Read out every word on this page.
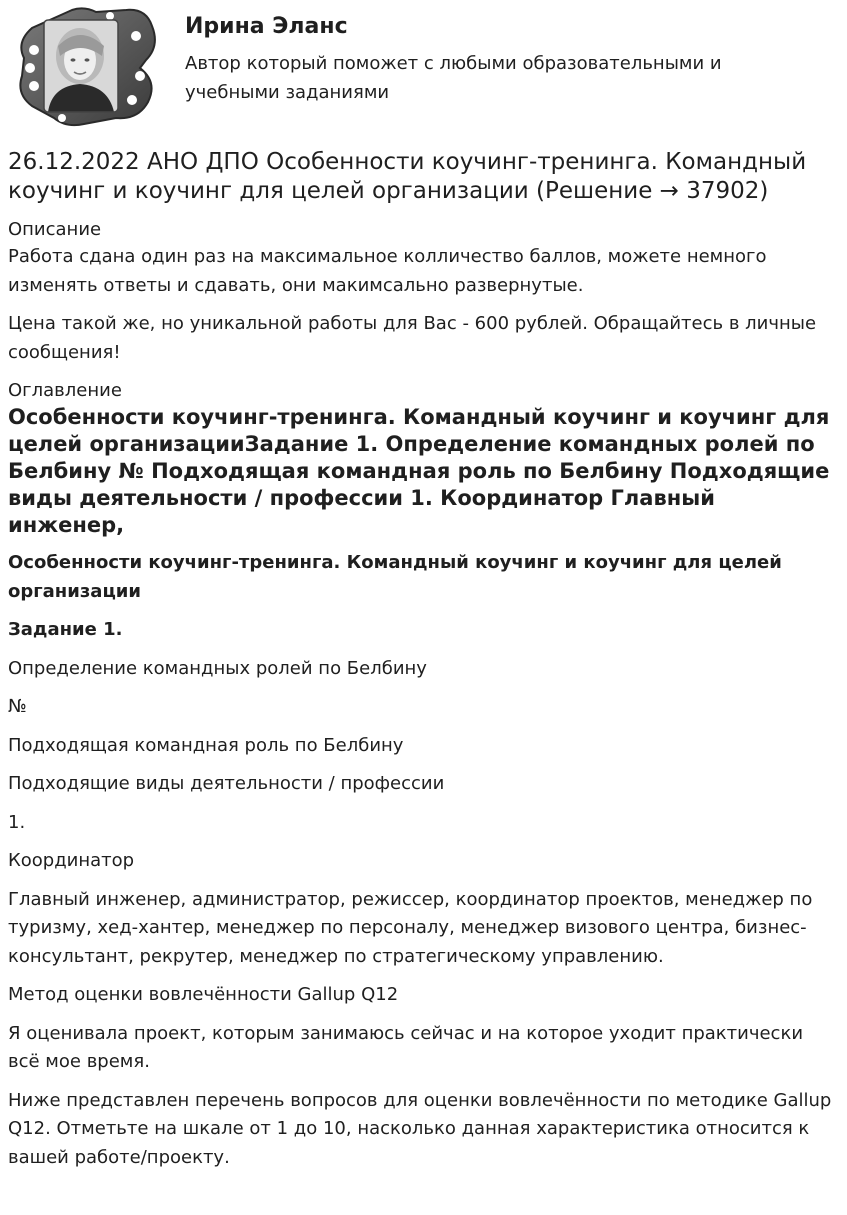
Ирина Эланс

Автор который поможет с любыми образовательными и учебными заданиями

26.12.2022 АНО ДПО Особенности коучинг-тренинга. Командный коучинг и коучинг для целей организации (Решение → 37902)
Описание

Работа сдана один раз на максимальное колличество баллов, можете немного изменять ответы и сдавать, они макимсально развернутые.

Цена такой же, но уникальной работы для Вас - 600 рублей. Обращайтесь в личные сообщения!

Оглавление

Особенности коучинг-тренинга. Командный коучинг и коучинг для целей организацииЗадание 1. Определение командных ролей по Белбину № Подходящая командная роль по Белбину Подходящие виды деятельности / профессии 1. Координатор Главный инженер,

Особенности коучинг-тренинга. Командный коучинг и коучинг для целей организации

Задание 1.

Определение командных ролей по Белбину

№

Подходящая командная роль по Белбину

Подходящие виды деятельности / профессии

1.

Координатор

Главный инженер, администратор, режиссер, координатор проектов, менеджер по туризму, хед-хантер, менеджер по персоналу, менеджер визового центра, бизнес-консультант, рекрутер, менеджер по стратегическому управлению.

Метод оценки вовлечённости Gallup Q12

Я оценивала проект, которым занимаюсь сейчас и на которое уходит практически всё мое время.

Ниже представлен перечень вопросов для оценки вовлечённости по методике Gallup Q12. Отметьте на шкале от 1 до 10, насколько данная характеристика относится к вашей работе/проекту.
